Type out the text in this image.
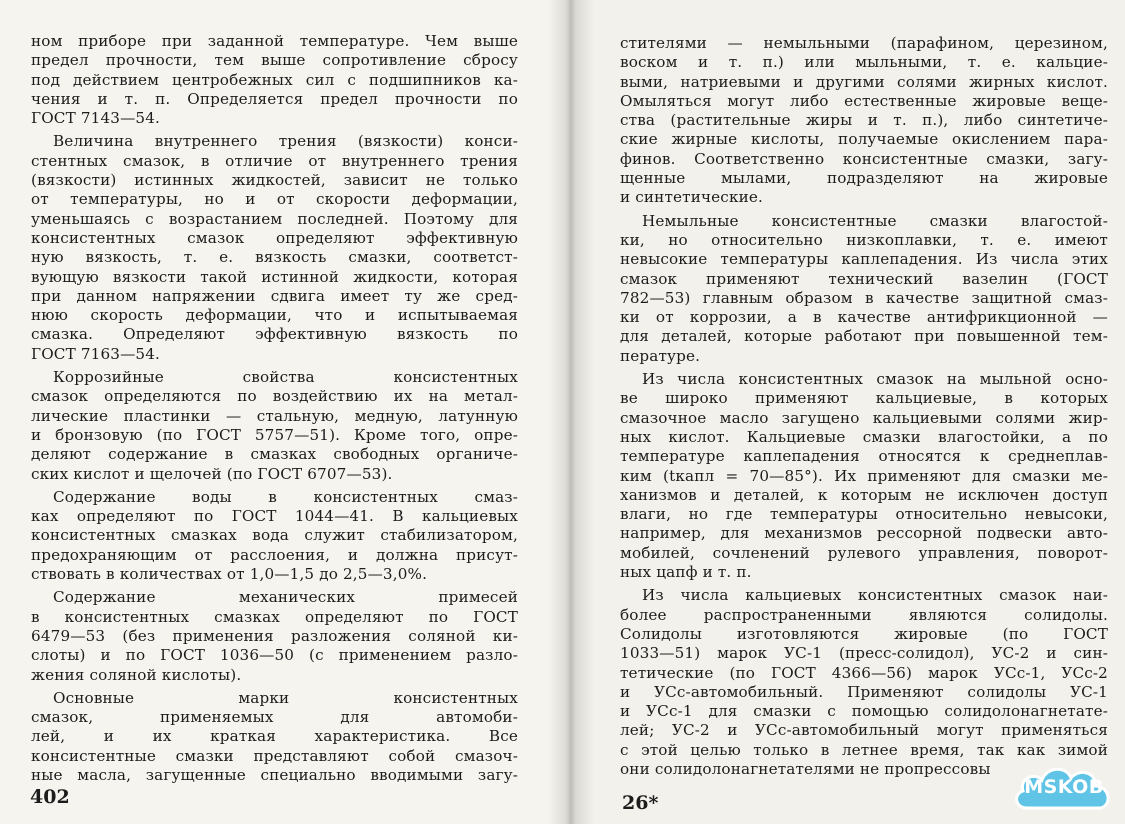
ном приборе при заданной температуре. Чем выше
предел прочности, тем выше сопротивление сбросу
под действием центробежных сил с подшипников ка-
чения и т. п. Определяется предел прочности по
ГОСТ 7143—54.
Величина внутреннего трения (вязкости) конси-
стентных смазок, в отличие от внутреннего трения
(вязкости) истинных жидкостей, зависит не только
от температуры, но и от скорости деформации,
уменьшаясь с возрастанием последней. Поэтому для
консистентных смазок определяют эффективную
ную вязкость, т. е. вязкость смазки, соответст-
вующую вязкости такой истинной жидкости, которая
при данном напряжении сдвига имеет ту же сред-
нюю скорость деформации, что и испытываемая
смазка. Определяют эффективную вязкость по
ГОСТ 7163—54.
Коррозийные свойства консистентных
смазок определяются по воздействию их на метал-
лические пластинки — стальную, медную, латунную
и бронзовую (по ГОСТ 5757—51). Кроме того, опре-
деляют содержание в смазках свободных органиче-
ских кислот и щелочей (по ГОСТ 6707—53).
Содержание воды в консистентных смаз-
ках определяют по ГОСТ 1044—41. В кальциевых
консистентных смазках вода служит стабилизатором,
предохраняющим от расслоения, и должна присут-
ствовать в количествах от 1,0—1,5 до 2,5—3,0%.
Содержание механических примесей
в консистентных смазках определяют по ГОСТ
6479—53 (без применения разложения соляной ки-
слоты) и по ГОСТ 1036—50 (с применением разло-
жения соляной кислоты).
Основные марки консистентных
смазок, применяемых для автомоби-
лей, и их краткая характеристика. Все
консистентные смазки представляют собой смазоч-
ные масла, загущенные специально вводимыми загу-
стителями — немыльными (парафином, церезином,
воском и т. п.) или мыльными, т. е. кальцие-
выми, натриевыми и другими солями жирных кислот.
Омыляться могут либо естественные жировые веще-
ства (растительные жиры и т. п.), либо синтетиче-
ские жирные кислоты, получаемые окислением пара-
финов. Соответственно консистентные смазки, загу-
щенные мылами, подразделяют на жировые
и синтетические.
Немыльные консистентные смазки влагостой-
ки, но относительно низкоплавки, т. е. имеют
невысокие температуры каплепадения. Из числа этих
смазок применяют технический вазелин (ГОСТ
782—53) главным образом в качестве защитной смаз-
ки от коррозии, а в качестве антифрикционной —
для деталей, которые работают при повышенной тем-
пературе.
Из числа консистентных смазок на мыльной осно-
ве широко применяют кальциевые, в которых
смазочное масло загущено кальциевыми солями жир-
ных кислот. Кальциевые смазки влагостойки, а по
температуре каплепадения относятся к среднеплав-
ким (tкапл = 70—85°). Их применяют для смазки ме-
ханизмов и деталей, к которым не исключен доступ
влаги, но где температуры относительно невысоки,
например, для механизмов рессорной подвески авто-
мобилей, сочленений рулевого управления, поворот-
ных цапф и т. п.
Из числа кальциевых консистентных смазок наи-
более распространенными являются солидолы.
Солидолы изготовляются жировые (по ГОСТ
1033—51) марок УС-1 (пресс-солидол), УС-2 и син-
тетические (по ГОСТ 4366—56) марок УСс-1, УСс-2
и УСс-автомобильный. Применяют солидолы УС-1
и УСс-1 для смазки с помощью солидолонагнетате-
лей; УС-2 и УСс-автомобильный могут применяться
с этой целью только в летнее время, так как зимой
они солидолонагнетателями не пропрессовы
402	26*
MSKOB
